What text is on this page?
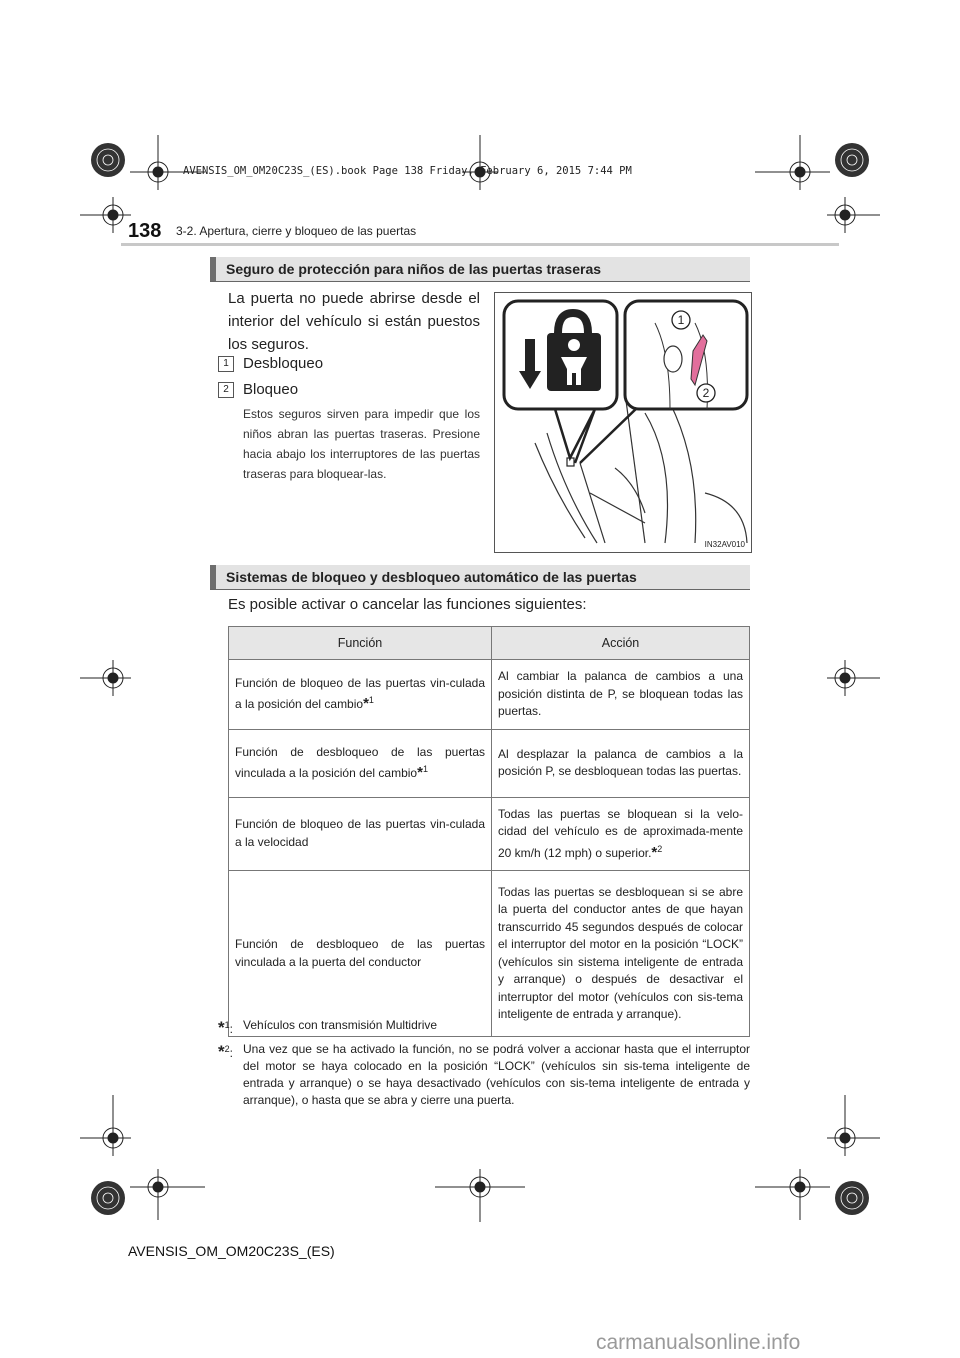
AVENSIS_OM_OM20C23S_(ES).book Page 138 Friday, February 6, 2015 7:44 PM
138 3-2. Apertura, cierre y bloqueo de las puertas
Seguro de protección para niños de las puertas traseras
La puerta no puede abrirse desde el interior del vehículo si están puestos los seguros.
1 Desbloqueo
2 Bloqueo
Estos seguros sirven para impedir que los niños abran las puertas traseras. Presione hacia abajo los interruptores de las puertas traseras para bloquear-las.
1
2
IN32AV010
Sistemas de bloqueo y desbloqueo automático de las puertas
Es posible activar o cancelar las funciones siguientes:
Función	Acción
Función de bloqueo de las puertas vin-culada a la posición del cambio*$^1$	Al cambiar la palanca de cambios a una posición distinta de P, se bloquean todas las puertas.
Función de desbloqueo de las puertas vinculada a la posición del cambio*$^1$	Al desplazar la palanca de cambios a la posición P, se desbloquean todas las puertas.
Función de bloqueo de las puertas vin-culada a la velocidad	Todas las puertas se bloquean si la velo-cidad del vehículo es de aproximada-mente 20 km/h (12 mph) o superior.*$^2$
Función de desbloqueo de las puertas vinculada a la puerta del conductor	Todas las puertas se desbloquean si se abre la puerta del conductor antes de que hayan transcurrido 45 segundos después de colocar el interruptor del motor en la posición “LOCK” (vehículos sin sistema inteligente de entrada y arranque) o después de desactivar el interruptor del motor (vehículos con sis-tema inteligente de entrada y arranque).
*$^1$: Vehículos con transmisión Multidrive
*$^2$: Una vez que se ha activado la función, no se podrá volver a accionar hasta que el interruptor del motor se haya colocado en la posición “LOCK” (vehículos sin sis-tema inteligente de entrada y arranque) o se haya desactivado (vehículos con sis-tema inteligente de entrada y arranque), o hasta que se abra y cierre una puerta.
AVENSIS_OM_OM20C23S_(ES)
carmanualsonline.info
